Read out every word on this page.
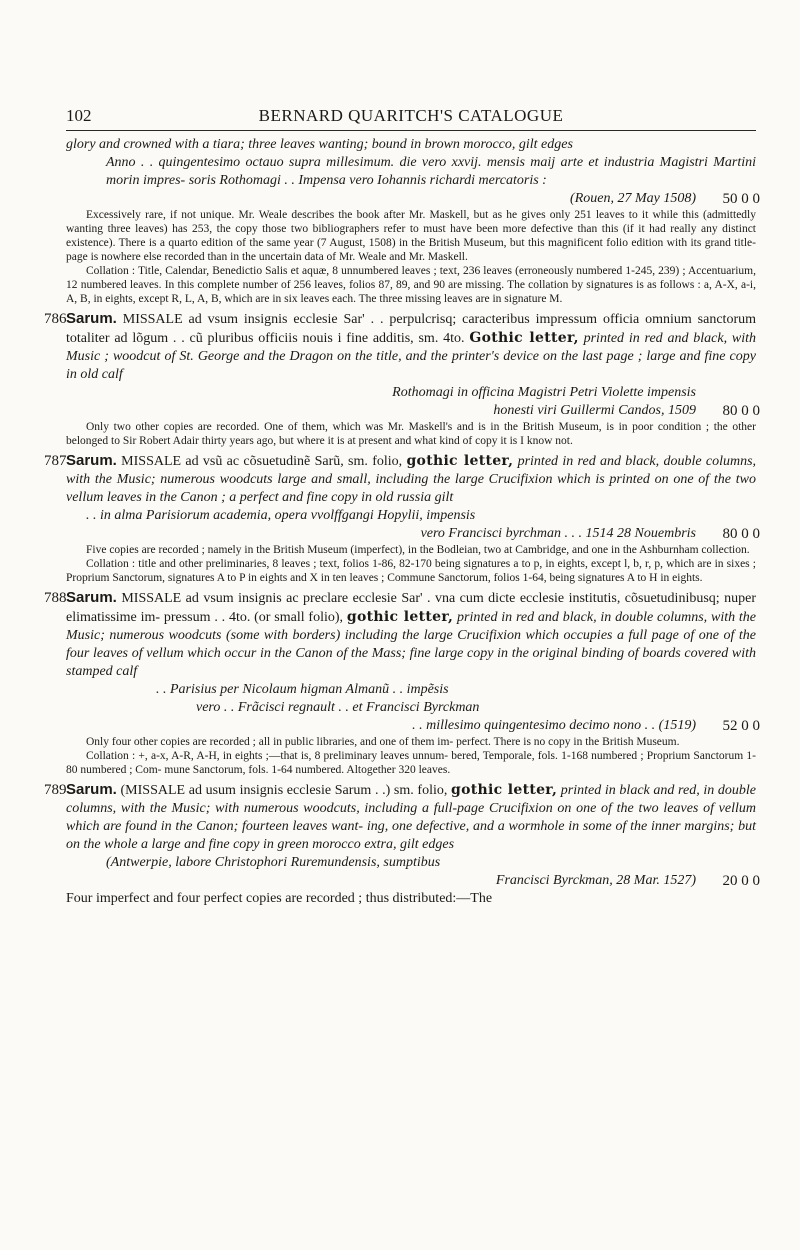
102	BERNARD QUARITCH'S CATALOGUE

glory and crowned with a tiara; three leaves wanting; bound in brown morocco, gilt edges

Anno . . quingentesimo octauo supra millesimum. die vero xxvij. mensis maij arte et industria Magistri Martini morin impres- soris Rothomagi . . Impensa vero Iohannis richardi mercatoris :

(Rouen, 27 May 1508) 50 0 0

Excessively rare, if not unique. Mr. Weale describes the book after Mr. Maskell, but as he gives only 251 leaves to it while this (admittedly wanting three leaves) has 253, the copy those two bibliographers refer to must have been more defective than this (if it had really any distinct existence). There is a quarto edition of the same year (7 August, 1508) in the British Museum, but this magnificent folio edition with its grand title-page is nowhere else recorded than in the uncertain data of Mr. Weale and Mr. Maskell.

Collation : Title, Calendar, Benedictio Salis et aquæ, 8 unnumbered leaves ; text, 236 leaves (erroneously numbered 1-245, 239) ; Accentuarium, 12 numbered leaves. In this complete number of 256 leaves, folios 87, 89, and 90 are missing. The collation by signatures is as follows : a, A-X, a-i, A, B, in eights, except R, L, A, B, which are in six leaves each. The three missing leaves are in signature M.

786 Sarum. MISSALE ad vsum insignis ecclesie Sar' . . perpulcrisq; caracteribus impressum officia omnium sanctorum totaliter ad lõgum . . cũ pluribus officiis nouis i fine additis, sm. 4to. Gothic letter, printed in red and black, with Music ; woodcut of St. George and the Dragon on the title, and the printer's device on the last page ; large and fine copy in old calf

Rothomagi in officina Magistri Petri Violette impensis
honesti viri Guillermi Candos, 1509 80 0 0

Only two other copies are recorded. One of them, which was Mr. Maskell's and is in the British Museum, is in poor condition ; the other belonged to Sir Robert Adair thirty years ago, but where it is at present and what kind of copy it is I know not.

787 Sarum. MISSALE ad vsũ ac cõsuetudinẽ Sarũ, sm. folio, gothic letter, printed in red and black, double columns, with the Music; numerous woodcuts large and small, including the large Crucifixion which is printed on one of the two vellum leaves in the Canon ; a perfect and fine copy in old russia gilt

. . in alma Parisiorum academia, opera vvolffgangi Hopylii, impensis
vero Francisci byrchman . . . 1514 28 Nouembris 80 0 0

Five copies are recorded ; namely in the British Museum (imperfect), in the Bodleian, two at Cambridge, and one in the Ashburnham collection.

Collation : title and other preliminaries, 8 leaves ; text, folios 1-86, 82-170 being signatures a to p, in eights, except l, b, r, p, which are in sixes ; Proprium Sanctorum, signatures A to P in eights and X in ten leaves ; Commune Sanctorum, folios 1-64, being signatures A to H in eights.

788 Sarum. MISSALE ad vsum insignis ac preclare ecclesie Sar' . vna cum dicte ecclesie institutis, cõsuetudinibusq; nuper elimatissime im- pressum . . 4to. (or small folio), gothic letter, printed in red and black, in double columns, with the Music; numerous woodcuts (some with borders) including the large Crucifixion which occupies a full page of one of the four leaves of vellum which occur in the Canon of the Mass; fine large copy in the original binding of boards covered with stamped calf

. . Parisius per Nicolaum higman Almanũ . . impẽsis
vero . . Frãcisci regnault . . et Francisci Byrckman
. . millesimo quingentesimo decimo nono . . (1519) 52 0 0

Only four other copies are recorded ; all in public libraries, and one of them im- perfect. There is no copy in the British Museum.

Collation : +, a-x, A-R, A-H, in eights ;—that is, 8 preliminary leaves unnum- bered, Temporale, fols. 1-168 numbered ; Proprium Sanctorum 1-80 numbered ; Com- mune Sanctorum, fols. 1-64 numbered. Altogether 320 leaves.

789 Sarum. (MISSALE ad usum insignis ecclesie Sarum . .) sm. folio, gothic letter, printed in black and red, in double columns, with the Music; with numerous woodcuts, including a full-page Crucifixion on one of the two leaves of vellum which are found in the Canon; fourteen leaves want- ing, one defective, and a wormhole in some of the inner margins; but on the whole a large and fine copy in green morocco extra, gilt edges

(Antwerpie, labore Christophori Ruremundensis, sumptibus
Francisci Byrckman, 28 Mar. 1527) 20 0 0

Four imperfect and four perfect copies are recorded ; thus distributed:—The
